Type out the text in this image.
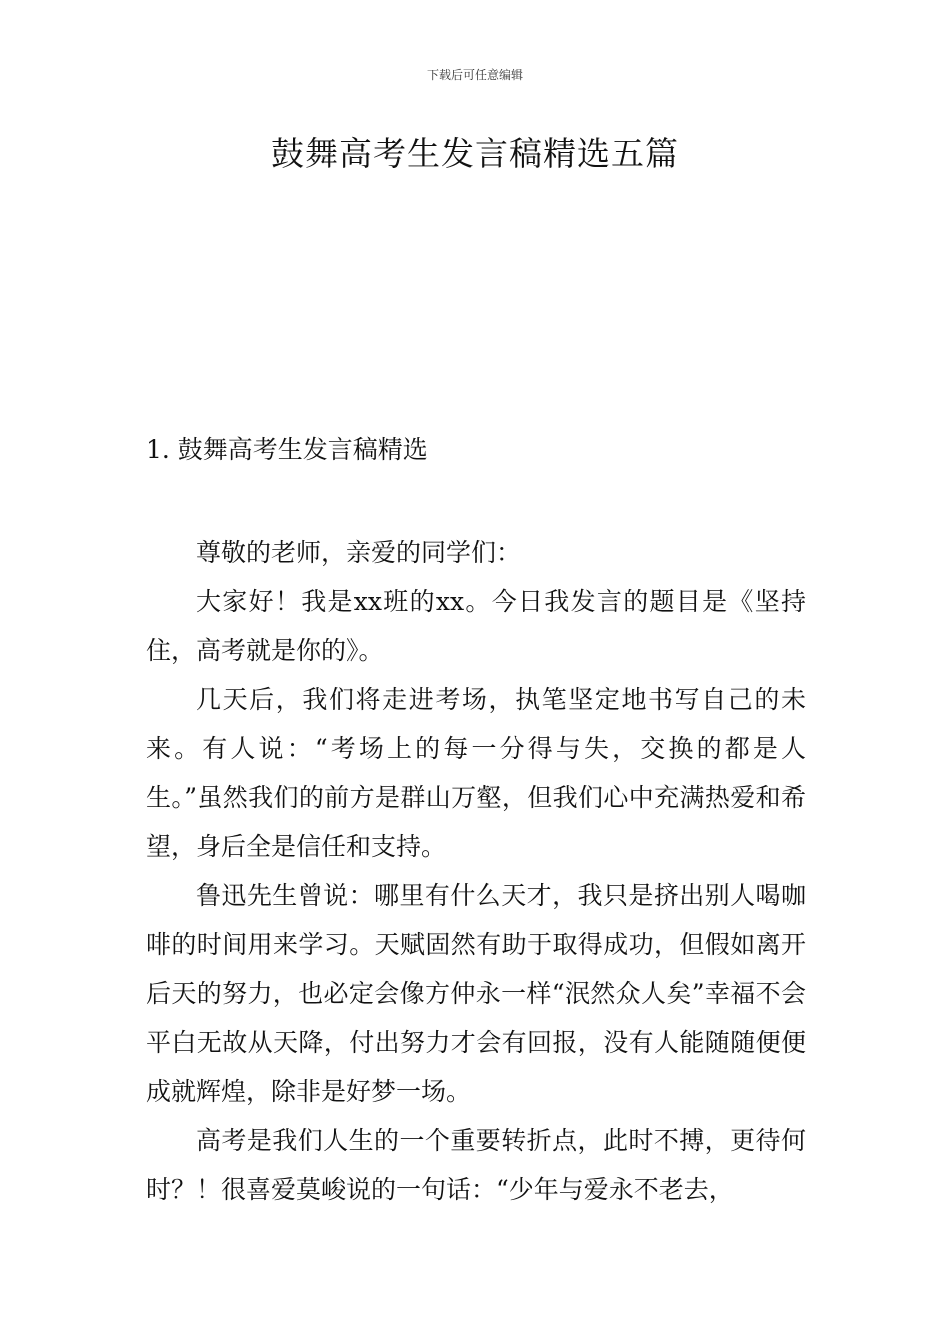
下载后可任意编辑
鼓舞高考生发言稿精选五篇
1. 鼓舞高考生发言稿精选

尊敬的老师，亲爱的同学们：

大家好！我是xx班的xx。今日我发言的题目是《坚持住，高考就是你的》。

几天后，我们将走进考场，执笔坚定地书写自己的未来。有人说：“考场上的每一分得与失，交换的都是人生。”虽然我们的前方是群山万壑，但我们心中充满热爱和希望，身后全是信任和支持。

鲁迅先生曾说：哪里有什么天才，我只是挤出别人喝咖啡的时间用来学习。天赋固然有助于取得成功，但假如离开后天的努力，也必定会像方仲永一样“泯然众人矣”幸福不会平白无故从天降，付出努力才会有回报，没有人能随随便便成就辉煌，除非是好梦一场。

高考是我们人生的一个重要转折点，此时不搏，更待何时？！很喜爱莫峻说的一句话：“少年与爱永不老去，
